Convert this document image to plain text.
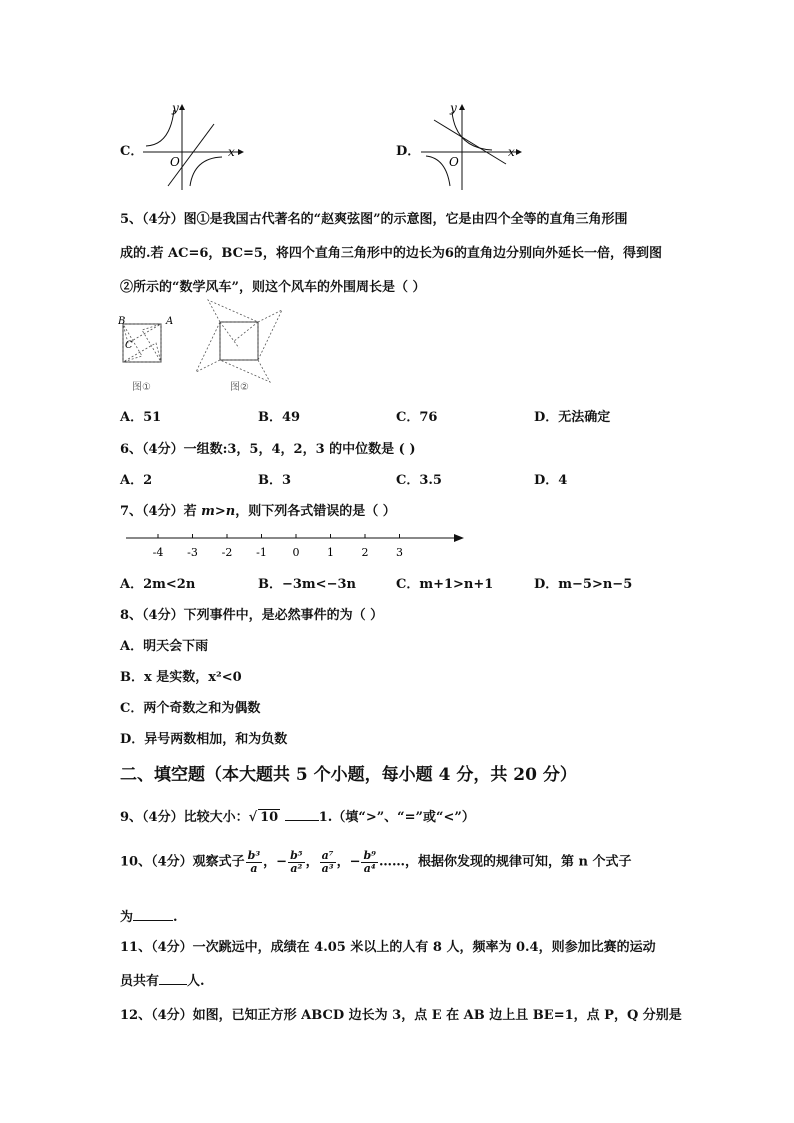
C．
O
y
x	D．
O
y
x
5、（4分）图①是我国古代著名的“赵爽弦图”的示意图，它是由四个全等的直角三角形围
成的.若 AC=6，BC=5，将四个直角三角形中的边长为6的直角边分别向外延长一倍，得到图
②所示的“数学风车”，则这个风车的外围周长是（ ）
B	A
C
图①	图②
A．51	B．49	C．76	D．无法确定
6、（4分）一组数:3，5，4，2，3 的中位数是 ( )
A．2	B．3	C．3.5	D．4
7、（4分）若 m>n，则下列各式错误的是（ ）
-4 -3 -2 -1 0	1	2	3
A．2m<2n	B．−3m<−3n	C．m+1>n+1	D．m−5>n−5
8、（4分）下列事件中，是必然事件的为（ ）
A．明天会下雨
B．x 是实数，x²<0
C．两个奇数之和为偶数
D．异号两数相加，和为负数
二、填空题（本大题共 5 个小题，每小题 4 分，共 20 分）
9、（4分）比较大小：√ 10	1.（填“>”、“=”或“<”）
10、（4分）观察式子 $\frac{\text{b³}}{a}$ ，− $\frac{\text{b⁵}}{\text{a²}}$ ， $\frac{\text{a⁷}}{\text{a³}}$ ，− $\frac{\text{b⁹}}{\text{a⁴}}$ ……，根据你发现的规律可知，第 n 个式子
为	.
11、（4分）一次跳远中，成绩在 4.05 米以上的人有 8 人，频率为 0.4，则参加比赛的运动
员共有 人.
12、（4分）如图，已知正方形 ABCD 边长为 3，点 E 在 AB 边上且 BE=1，点 P，Q 分别是
